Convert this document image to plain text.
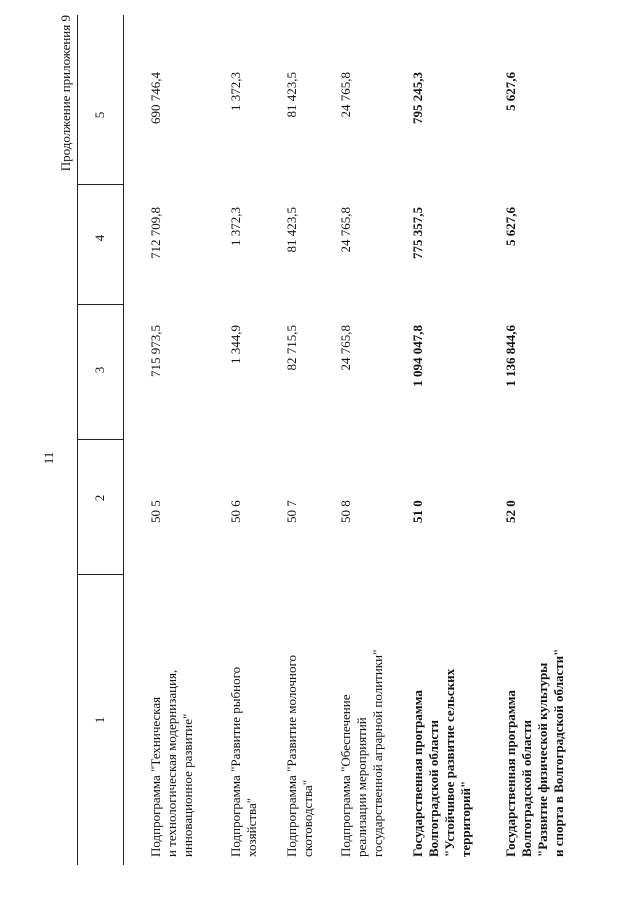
11
Продолжение приложения 9
1
2
3
4
5
Подпрограмма "Техническая и технологическая модернизация, инновационное развитие"
50 5
715 973,5
712 709,8
690 746,4
Подпрограмма "Развитие рыбного хозяйства"
50 6
1 344,9
1 372,3
1 372,3
Подпрограмма "Развитие молочного скотоводства"
50 7
82 715,5
81 423,5
81 423,5
Подпрограмма "Обеспечение реализации мероприятий государственной аграрной политики"
50 8
24 765,8
24 765,8
24 765,8
Государственная программа Волгоградской области "Устойчивое развитие сельских территорий"
51 0
1 094 047,8
775 357,5
795 245,3
Государственная программа Волгоградской области "Развитие физической культуры и спорта в Волгоградской области"
52 0
1 136 844,6
5 627,6
5 627,6
